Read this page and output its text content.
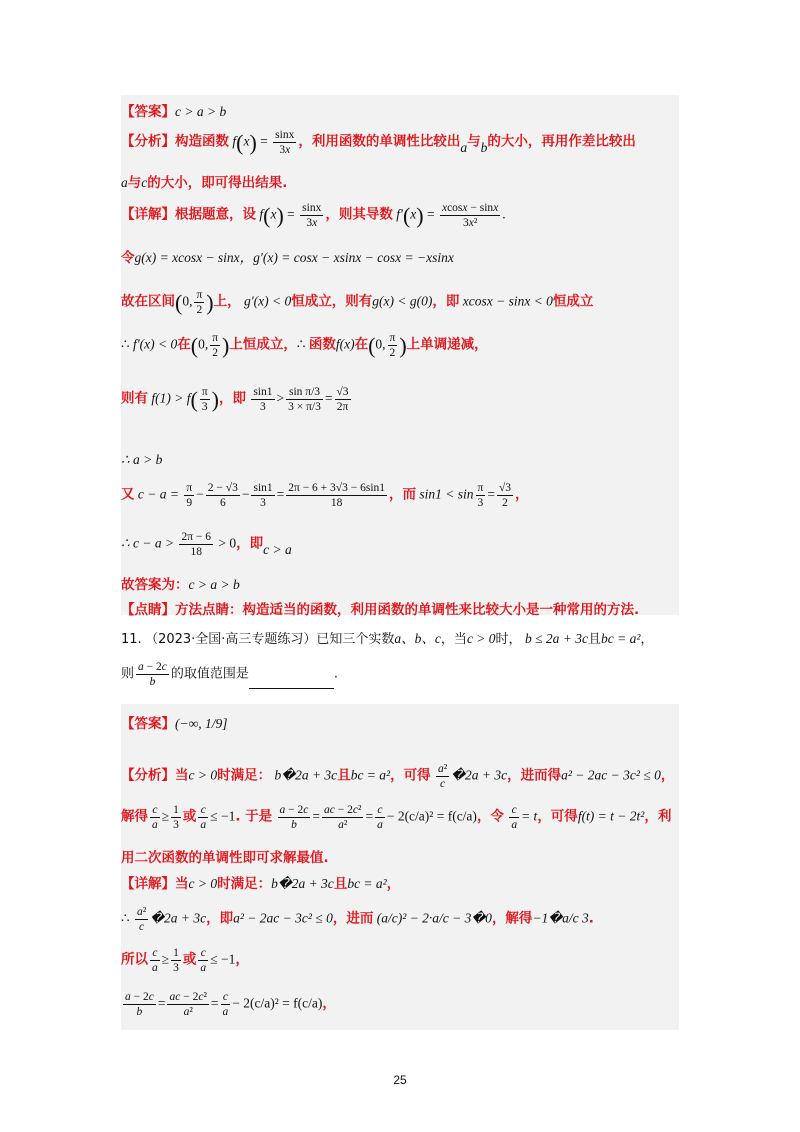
【答案】c > a > b
【分析】构造函数 $f(x) = \frac{\sin x}{3x}$ ，利用函数的单调性比较出a与b的大小，再用作差比较出
a与c的大小，即可得出结果.
【详解】根据题意，设 $f(x) = \frac{\sin x}{3x}$ ，则其导数 $f'(x) = \frac{xcosx - \sin x}{\text{3x²}}$ .
令g(x) = xcosx − sinx，g′(x) = cosx − xsinx − cosx = −xsinx
故在区间(0, $\frac{\pi}{2}$ )上， g′(x) < 0恒成立，则有g(x) < g(0)，即 xcosx − sinx < 0恒成立
∴ f′(x) < 0在(0, $\frac{\pi}{2}$ )上恒成立，∴ 函数f(x)在(0, $\frac{\pi}{2}$ )上单调递减，
则有 $f(1) > f( \frac{\pi}{3}$ )，即 $\frac{\sin 1}{3} > \frac{\text{sin π/3}}{3 \times \pi/3} = \frac{√3}{2\pi}$
∴ a > b
又 $c - a = \frac{\pi}{9} - \frac{2 - √3}{6} - \frac{\sin 1}{3} = \frac{2\pi - 6 + 3√3 - 6\sin 1}{18}$ ，而 $\sin 1 < \sin \frac{\pi}{3} = \frac{√3}{2}$ ，
∴ $c - a > \frac{2\pi - 6}{18} > 0$，即c > a
故答案为：c > a > b
【点睛】方法点睛：构造适当的函数，利用函数的单调性来比较大小是一种常用的方法.
11. （2023·全国·高三专题练习）已知三个实数a、b、c，当c > 0时， b ≤ 2a + 3c且bc = a²，
则 $\frac{a - 2c}{b}$ 的取值范围是	.
【答案】(−∞, 1/9]
【分析】当c > 0时满足： b�2a + 3c且bc = a²，可得 $\frac{\text{a²}}{c}$ �2a + 3c，进而得a² − 2ac − 3c² ≤ 0，
解得 $\frac{c}{a} \ge \frac{1}{3}$ 或 $\frac{c}{a} \le -1$. 于是 $\frac{a - 2c}{b} = \frac{\text{ac − 2c²}}{\text{a²}} = \frac{c}{a} - 2(c/a)^2 = f(c/a)$，令 $\frac{c}{a} = t$，可得f(t) = t − 2t²，利
用二次函数的单调性即可求解最值.
【详解】当c > 0时满足：b�2a + 3c且bc = a²，
∴ $\frac{\text{a²}}{c}$ �2a + 3c，即a² − 2ac − 3c² ≤ 0，进而 (a/c)² − 2·a/c − 3�0，解得−1�a/c 3.
所以 $\frac{c}{a} \ge \frac{1}{3}$ 或 $\frac{c}{a} \le -1$，
$\frac{a - 2c}{b} = \frac{\text{ac − 2c²}}{\text{a²}} = \frac{c}{a} - 2(c/a)^2 = f(c/a)$，
25
